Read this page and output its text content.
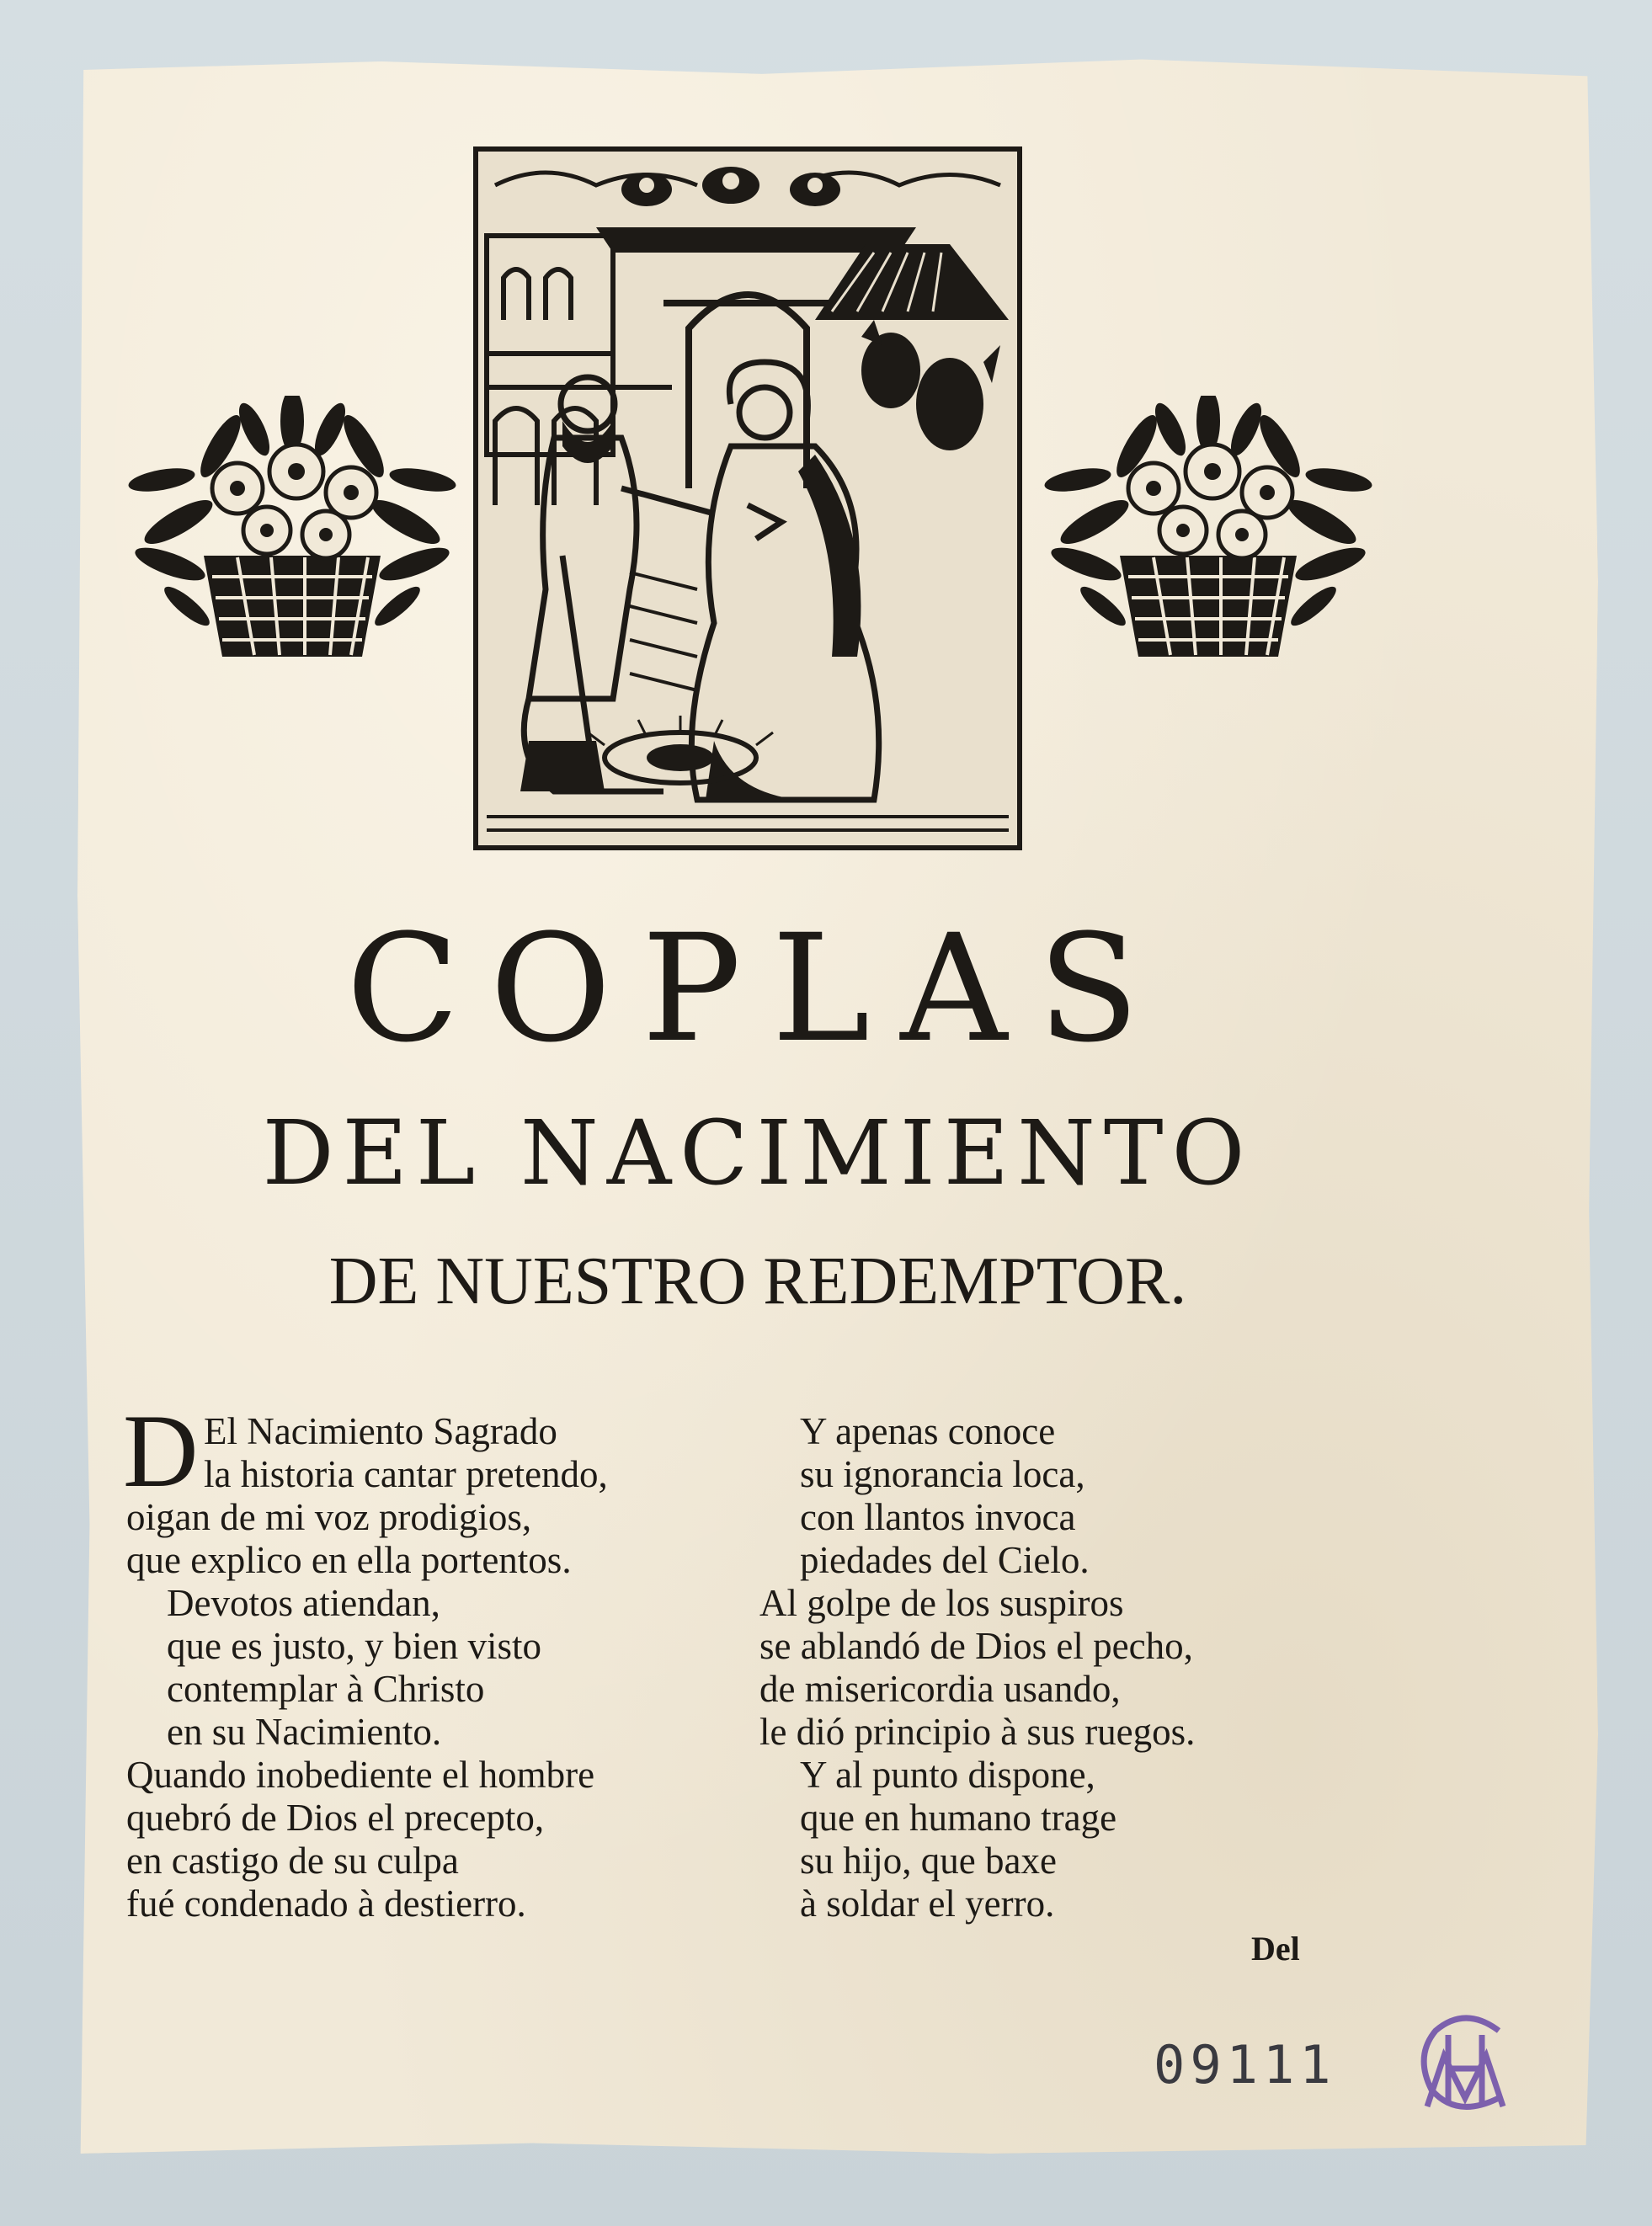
COPLAS
DEL NACIMIENTO
DE NUESTRO REDEMPTOR.
D El Nacimiento Sagrado
la historia cantar pretendo,
oigan de mi voz prodigios,
que explico en ella portentos.
Devotos atiendan,
que es justo, y bien visto
contemplar à Christo
en su Nacimiento.
Quando inobediente el hombre
quebró de Dios el precepto,
en castigo de su culpa
fué condenado à destierro.
Y apenas conoce
su ignorancia loca,
con llantos invoca
piedades del Cielo.
Al golpe de los suspiros
se ablandó de Dios el pecho,
de misericordia usando,
le dió principio à sus ruegos.
Y al punto dispone,
que en humano trage
su hijo, que baxe
à soldar el yerro.
Del
09111
